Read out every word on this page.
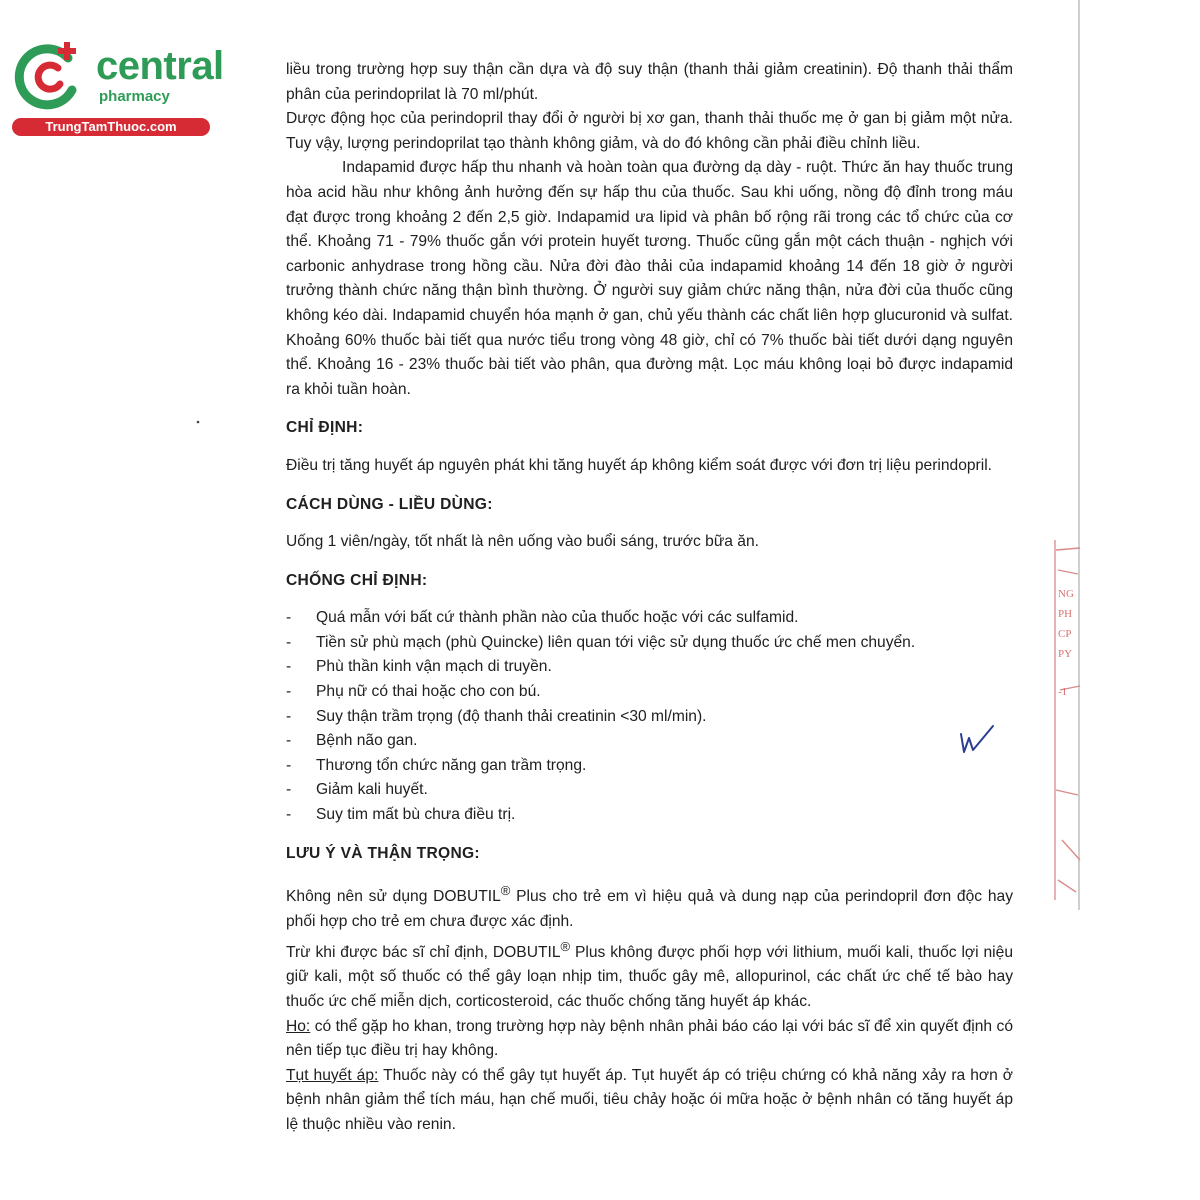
central
pharmacy
TrungTamThuoc.com

liều trong trường hợp suy thận cần dựa và độ suy thận (thanh thải giảm creatinin). Độ thanh thải thẩm phân của perindoprilat là 70 ml/phút.

Dược động học của perindopril thay đổi ở người bị xơ gan, thanh thải thuốc mẹ ở gan bị giảm một nửa. Tuy vậy, lượng perindoprilat tạo thành không giảm, và do đó không cần phải điều chỉnh liều.

Indapamid được hấp thu nhanh và hoàn toàn qua đường dạ dày - ruột. Thức ăn hay thuốc trung hòa acid hầu như không ảnh hưởng đến sự hấp thu của thuốc. Sau khi uống, nồng độ đỉnh trong máu đạt được trong khoảng 2 đến 2,5 giờ. Indapamid ưa lipid và phân bố rộng rãi trong các tổ chức của cơ thể. Khoảng 71 - 79% thuốc gắn với protein huyết tương. Thuốc cũng gắn một cách thuận - nghịch với carbonic anhydrase trong hồng cầu. Nửa đời đào thải của indapamid khoảng 14 đến 18 giờ ở người trưởng thành chức năng thận bình thường. Ở người suy giảm chức năng thận, nửa đời của thuốc cũng không kéo dài. Indapamid chuyển hóa mạnh ở gan, chủ yếu thành các chất liên hợp glucuronid và sulfat. Khoảng 60% thuốc bài tiết qua nước tiểu trong vòng 48 giờ, chỉ có 7% thuốc bài tiết dưới dạng nguyên thể. Khoảng 16 - 23% thuốc bài tiết vào phân, qua đường mật. Lọc máu không loại bỏ được indapamid ra khỏi tuần hoàn.

CHỈ ĐỊNH:

Điều trị tăng huyết áp nguyên phát khi tăng huyết áp không kiểm soát được với đơn trị liệu perindopril.

CÁCH DÙNG - LIỀU DÙNG:

Uống 1 viên/ngày, tốt nhất là nên uống vào buổi sáng, trước bữa ăn.

CHỐNG CHỈ ĐỊNH:
- Quá mẫn với bất cứ thành phần nào của thuốc hoặc với các sulfamid.
- Tiền sử phù mạch (phù Quincke) liên quan tới việc sử dụng thuốc ức chế men chuyển.
- Phù thần kinh vận mạch di truyền.
- Phụ nữ có thai hoặc cho con bú.
- Suy thận trầm trọng (độ thanh thải creatinin <30 ml/min).
- Bệnh não gan.
- Thương tổn chức năng gan trầm trọng.
- Giảm kali huyết.
- Suy tim mất bù chưa điều trị.
LƯU Ý VÀ THẬN TRỌNG:

Không nên sử dụng DOBUTIL® Plus cho trẻ em vì hiệu quả và dung nạp của perindopril đơn độc hay phối hợp cho trẻ em chưa được xác định.

Trừ khi được bác sĩ chỉ định, DOBUTIL® Plus không được phối hợp với lithium, muối kali, thuốc lợi niệu giữ kali, một số thuốc có thể gây loạn nhịp tim, thuốc gây mê, allopurinol, các chất ức chế tế bào hay thuốc ức chế miễn dịch, corticosteroid, các thuốc chống tăng huyết áp khác.

Ho: có thể gặp ho khan, trong trường hợp này bệnh nhân phải báo cáo lại với bác sĩ để xin quyết định có nên tiếp tục điều trị hay không.

Tụt huyết áp: Thuốc này có thể gây tụt huyết áp. Tụt huyết áp có triệu chứng có khả năng xảy ra hơn ở bệnh nhân giảm thể tích máu, hạn chế muối, tiêu chảy hoặc ói mữa hoặc ở bệnh nhân có tăng huyết áp lệ thuộc nhiều vào renin.

NG
PH
CP
PY
-1
